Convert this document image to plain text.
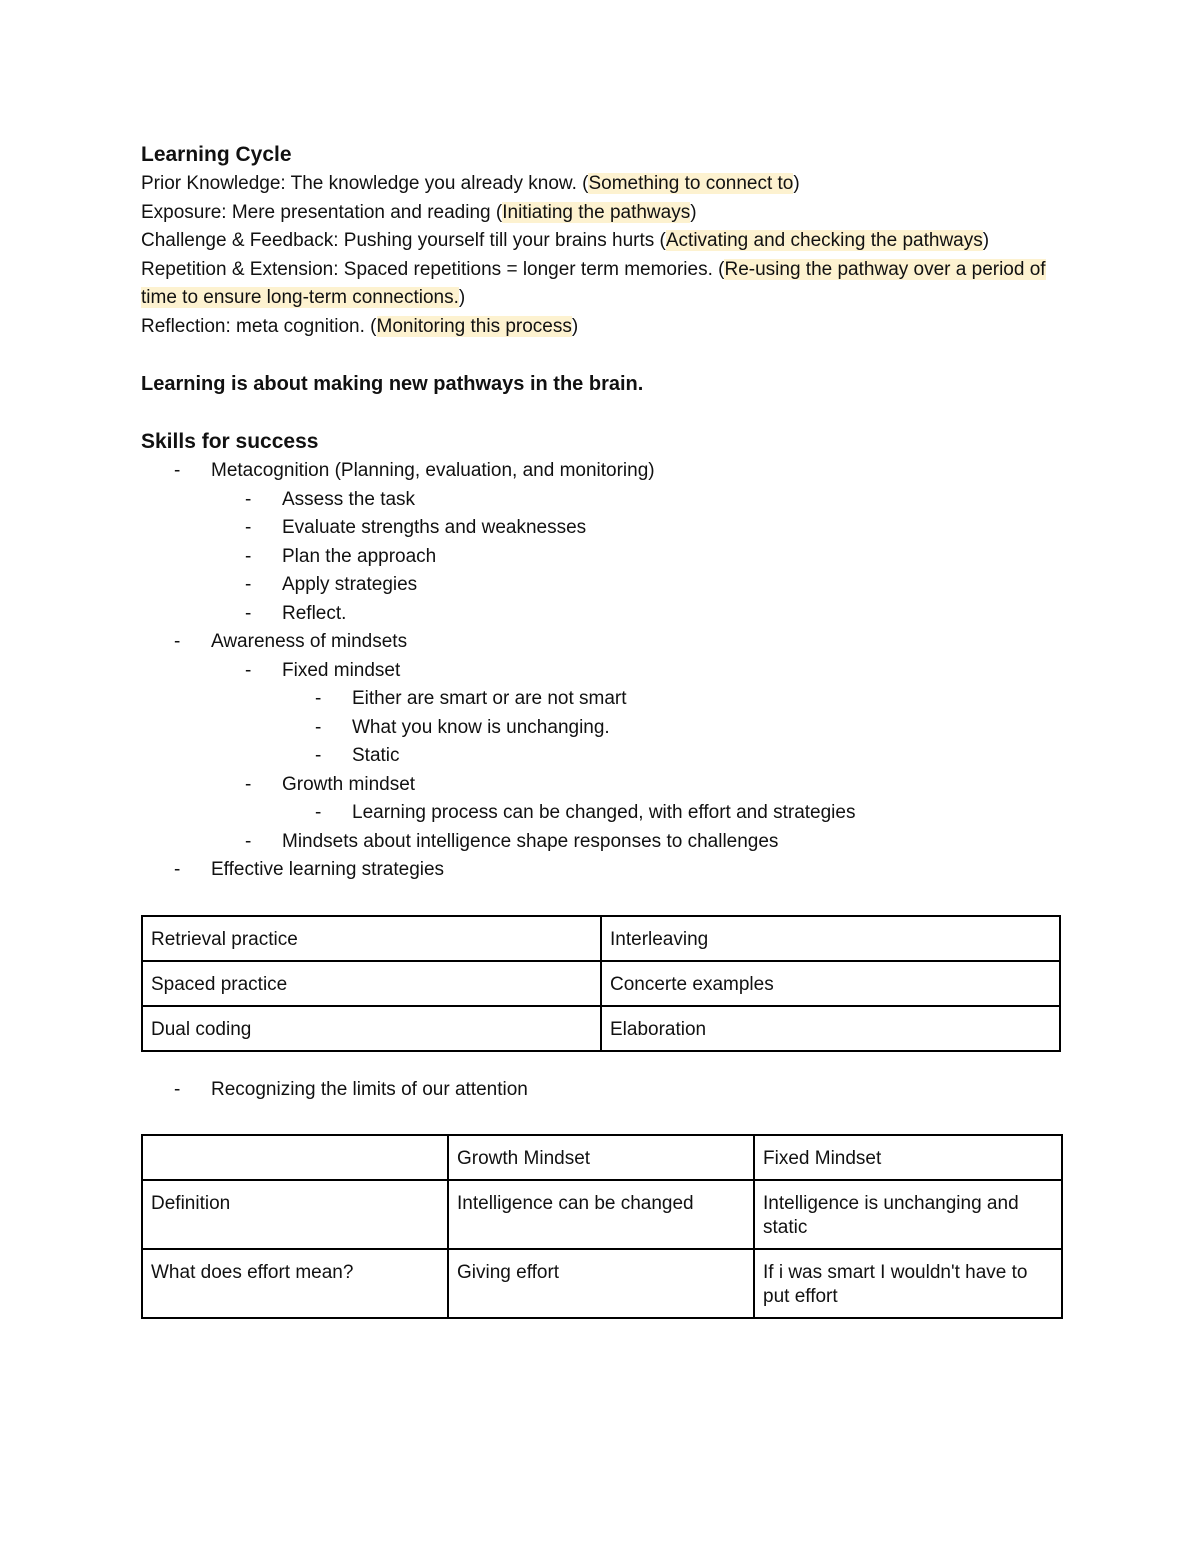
Learning Cycle

Prior Knowledge: The knowledge you already know. (Something to connect to)

Exposure: Mere presentation and reading (Initiating the pathways)

Challenge & Feedback: Pushing yourself till your brains hurts (Activating and checking the pathways)

Repetition & Extension: Spaced repetitions = longer term memories. (Re-using the pathway over a period of time to ensure long-term connections.)

Reflection: meta cognition. (Monitoring this process)

Learning is about making new pathways in the brain.

Skills for success

-	Metacognition (Planning, evaluation, and monitoring)

-	Assess the task

-	Evaluate strengths and weaknesses

-	Plan the approach

-	Apply strategies

-	Reflect.

-	Awareness of mindsets

-	Fixed mindset

-	Either are smart or are not smart

-	What you know is unchanging.

-	Static

-	Growth mindset

-	Learning process can be changed, with effort and strategies

-	Mindsets about intelligence shape responses to challenges

-	Effective learning strategies

Retrieval practice	Interleaving
Spaced practice	Concerte examples
Dual coding	Elaboration

-	Recognizing the limits of our attention

	Growth Mindset	Fixed Mindset
Definition	Intelligence can be changed	Intelligence is unchanging and static
What does effort mean?	Giving effort	If i was smart I wouldn't have to put effort
